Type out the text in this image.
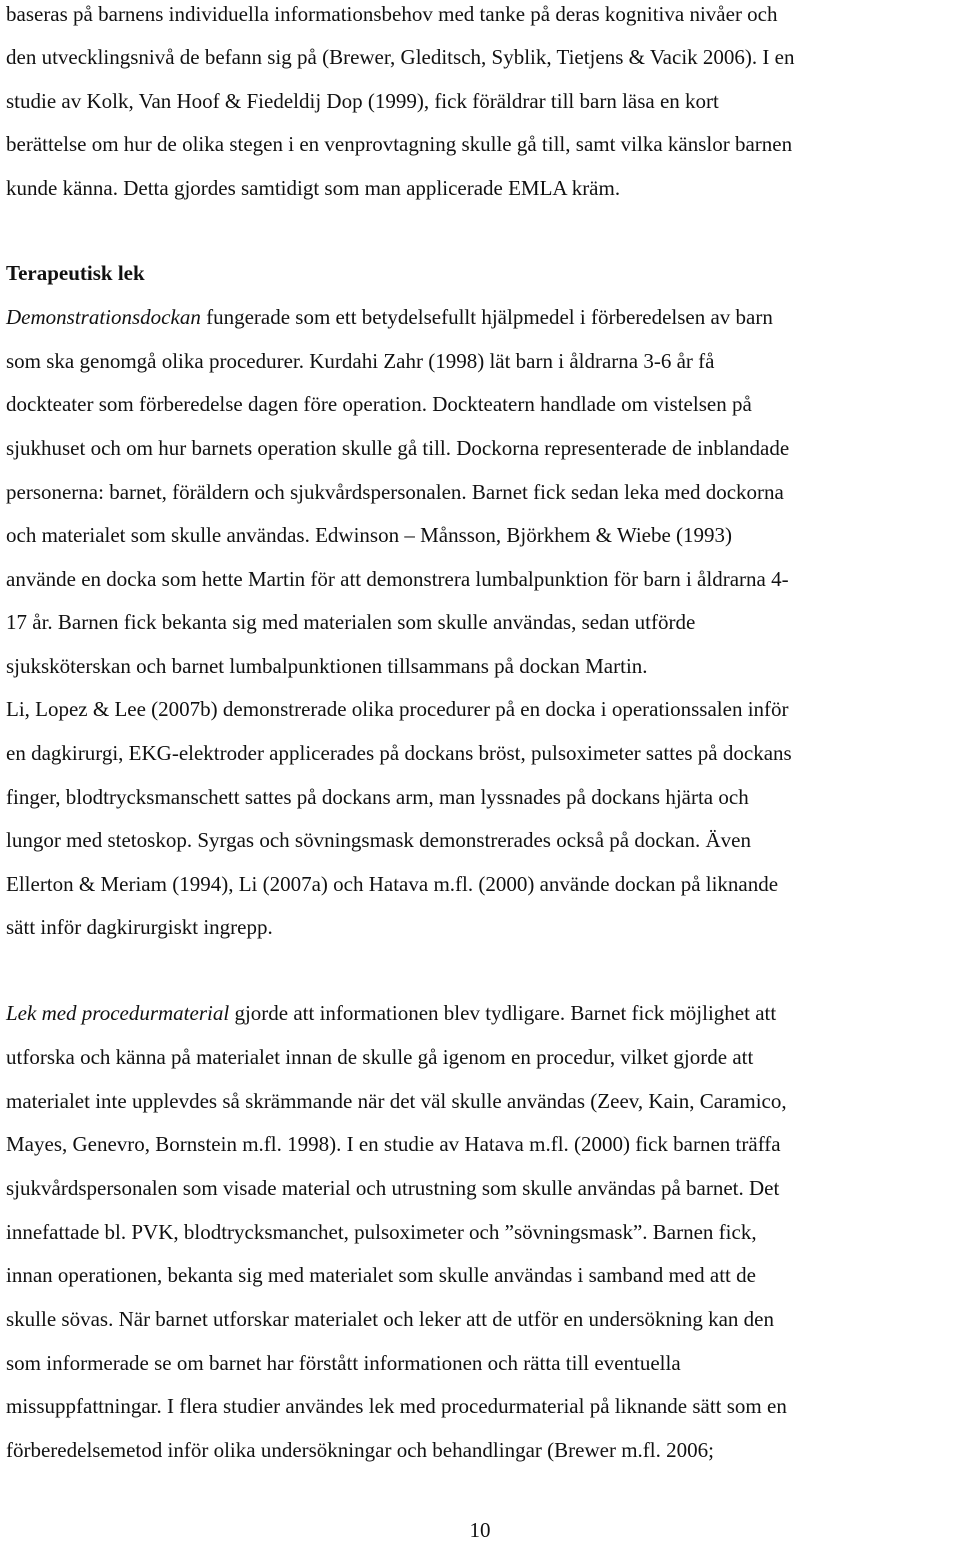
baseras på barnens individuella informationsbehov med tanke på deras kognitiva nivåer och
den utvecklingsnivå de befann sig på (Brewer, Gleditsch, Syblik, Tietjens & Vacik 2006). I en
studie av Kolk, Van Hoof & Fiedeldij Dop (1999), fick föräldrar till barn läsa en kort
berättelse om hur de olika stegen i en venprovtagning skulle gå till, samt vilka känslor barnen
kunde känna. Detta gjordes samtidigt som man applicerade EMLA kräm.
Terapeutisk lek
Demonstrationsdockan fungerade som ett betydelsefullt hjälpmedel i förberedelsen av barn
som ska genomgå olika procedurer. Kurdahi Zahr (1998) lät barn i åldrarna 3-6 år få
dockteater som förberedelse dagen före operation. Dockteatern handlade om vistelsen på
sjukhuset och om hur barnets operation skulle gå till. Dockorna representerade de inblandade
personerna: barnet, föräldern och sjukvårdspersonalen. Barnet fick sedan leka med dockorna
och materialet som skulle användas. Edwinson – Månsson, Björkhem & Wiebe (1993)
använde en docka som hette Martin för att demonstrera lumbalpunktion för barn i åldrarna 4-
17 år. Barnen fick bekanta sig med materialen som skulle användas, sedan utförde
sjuksköterskan och barnet lumbalpunktionen tillsammans på dockan Martin.
Li, Lopez & Lee (2007b) demonstrerade olika procedurer på en docka i operationssalen inför
en dagkirurgi, EKG-elektroder applicerades på dockans bröst, pulsoximeter sattes på dockans
finger, blodtrycksmanschett sattes på dockans arm, man lyssnades på dockans hjärta och
lungor med stetoskop. Syrgas och sövningsmask demonstrerades också på dockan. Även
Ellerton & Meriam (1994), Li (2007a) och Hatava m.fl. (2000) använde dockan på liknande
sätt inför dagkirurgiskt ingrepp.
Lek med procedurmaterial gjorde att informationen blev tydligare. Barnet fick möjlighet att
utforska och känna på materialet innan de skulle gå igenom en procedur, vilket gjorde att
materialet inte upplevdes så skrämmande när det väl skulle användas (Zeev, Kain, Caramico,
Mayes, Genevro, Bornstein m.fl. 1998). I en studie av Hatava m.fl. (2000) fick barnen träffa
sjukvårdspersonalen som visade material och utrustning som skulle användas på barnet. Det
innefattade bl. PVK, blodtrycksmanchet, pulsoximeter och ”sövningsmask”. Barnen fick,
innan operationen, bekanta sig med materialet som skulle användas i samband med att de
skulle sövas. När barnet utforskar materialet och leker att de utför en undersökning kan den
som informerade se om barnet har förstått informationen och rätta till eventuella
missuppfattningar. I flera studier användes lek med procedurmaterial på liknande sätt som en
förberedelsemetod inför olika undersökningar och behandlingar (Brewer m.fl. 2006;
10
